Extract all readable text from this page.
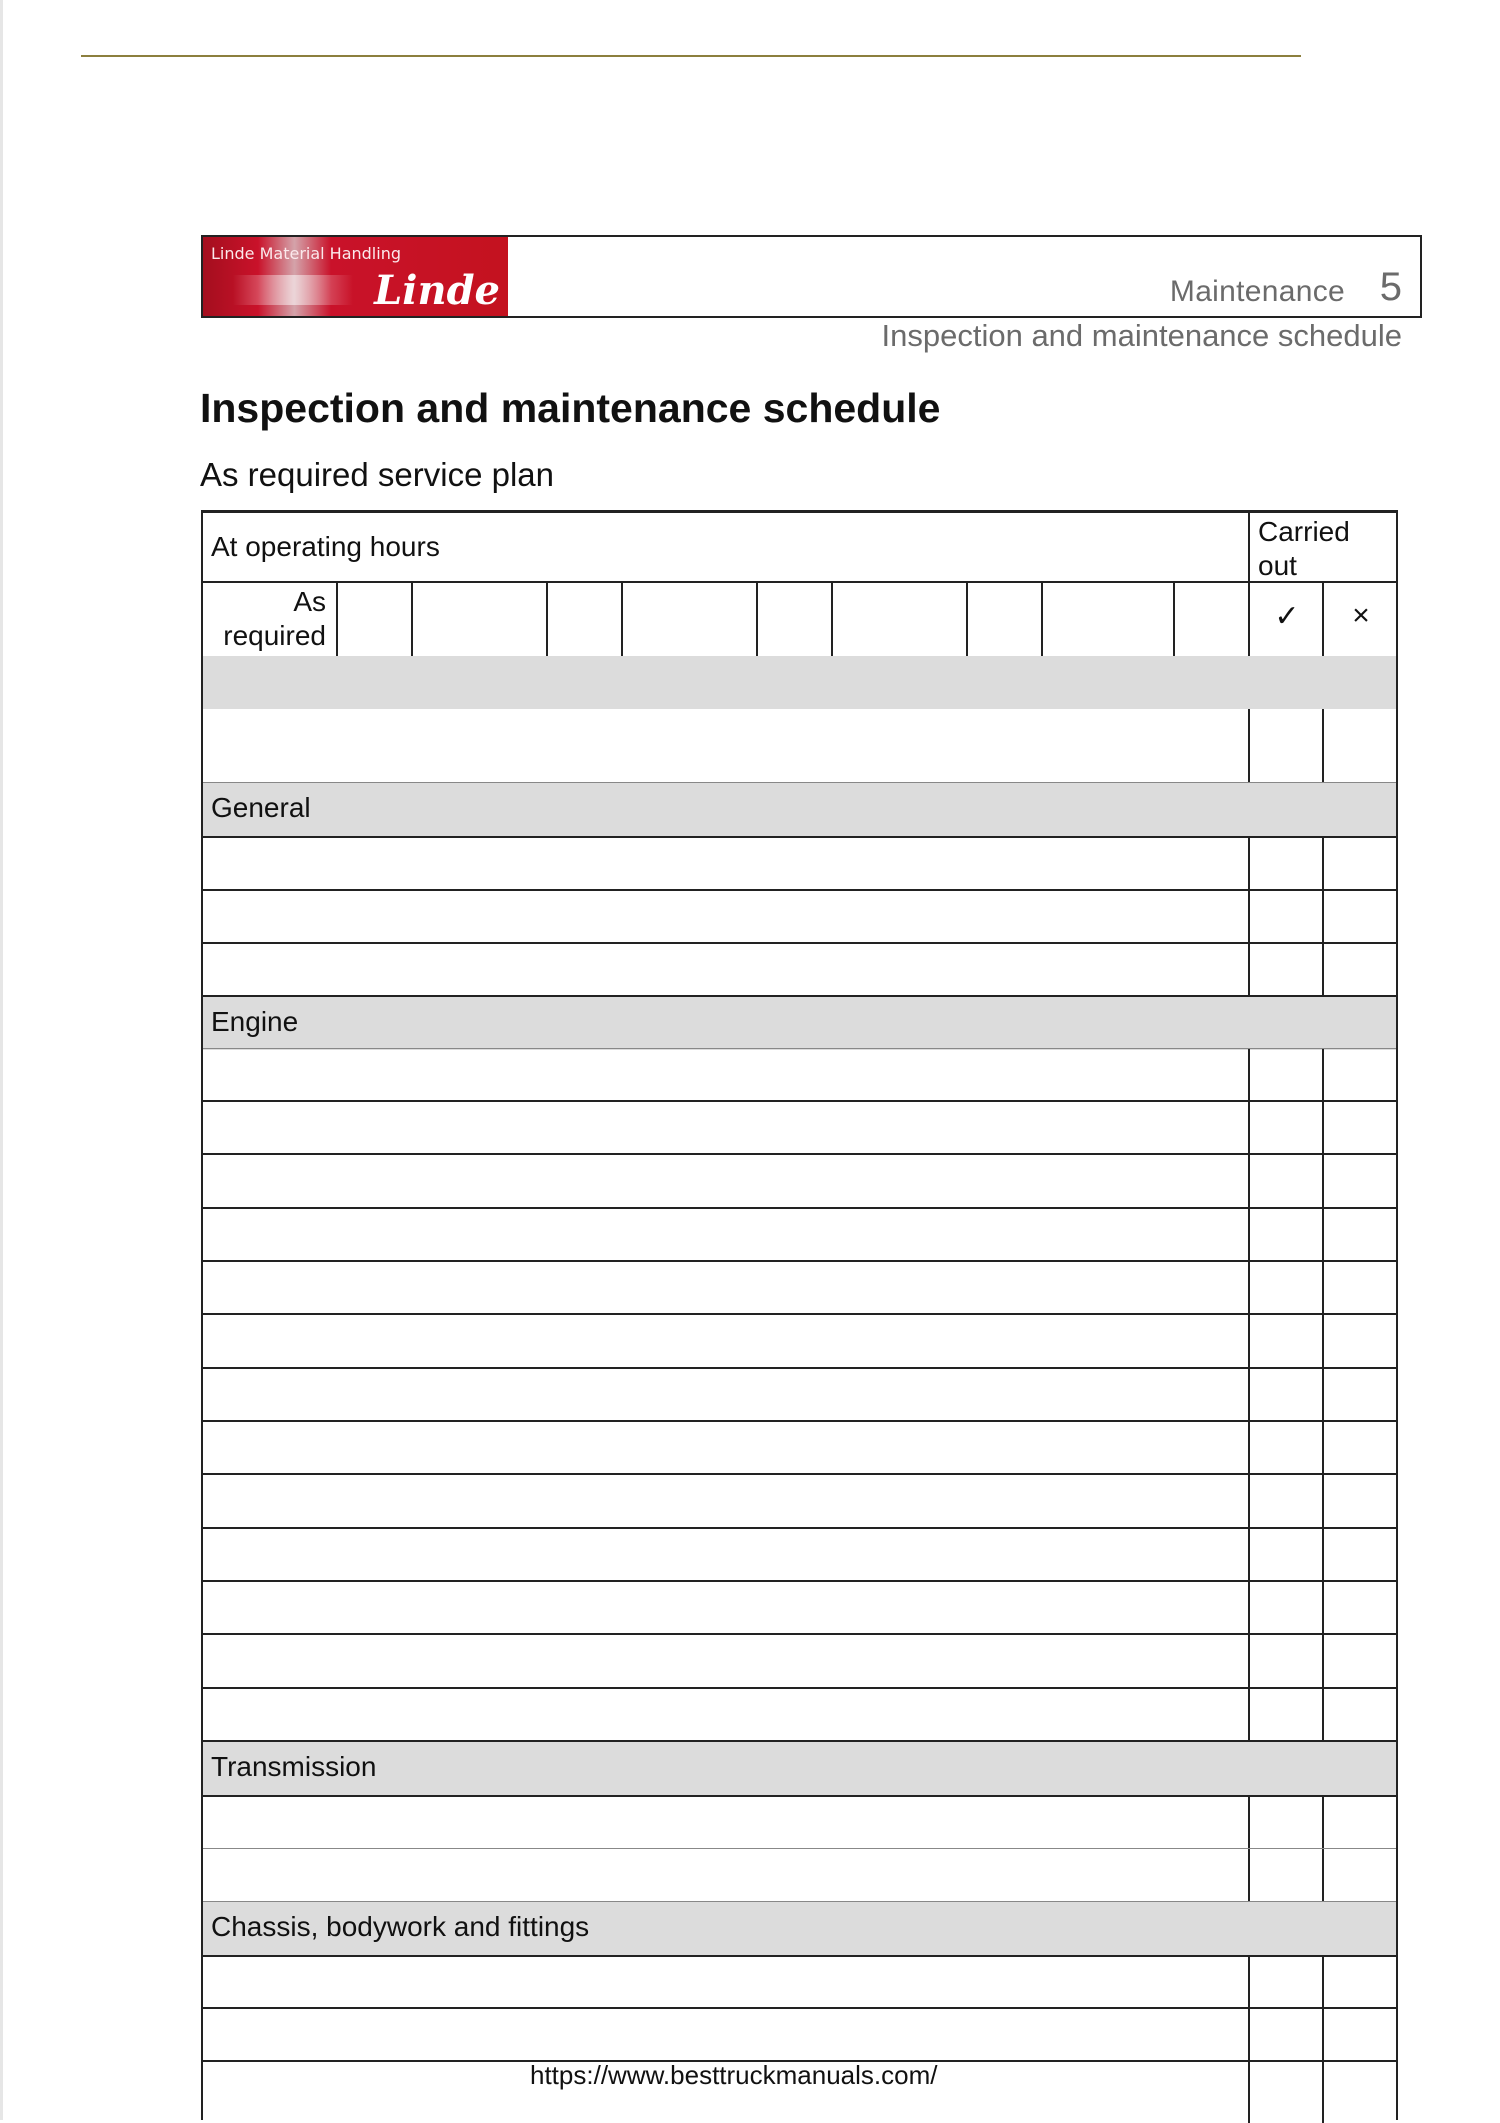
Linde Material Handling
Linde	Maintenance 5
Inspection and maintenance schedule
Inspection and maintenance schedule
As required service plan
At operating hours	Carried out
As
required
✓	×
General
Engine
Transmission
Chassis, bodywork and fittings
https://www.besttruckmanuals.com/
